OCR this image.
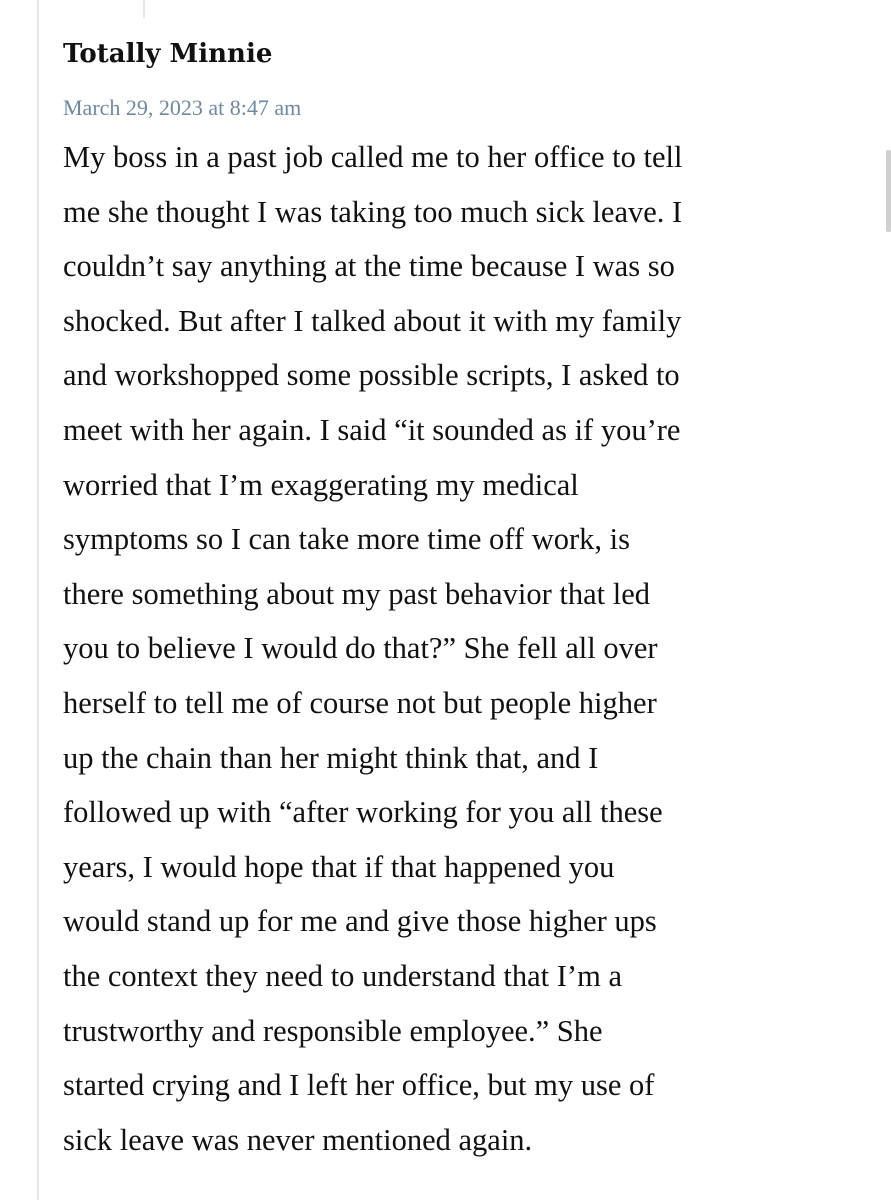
Totally Minnie
March 29, 2023 at 8:47 am
My boss in a past job called me to her office to tell
me she thought I was taking too much sick leave. I
couldn’t say anything at the time because I was so
shocked. But after I talked about it with my family
and workshopped some possible scripts, I asked to
meet with her again. I said “it sounded as if you’re
worried that I’m exaggerating my medical
symptoms so I can take more time off work, is
there something about my past behavior that led
you to believe I would do that?” She fell all over
herself to tell me of course not but people higher
up the chain than her might think that, and I
followed up with “after working for you all these
years, I would hope that if that happened you
would stand up for me and give those higher ups
the context they need to understand that I’m a
trustworthy and responsible employee.” She
started crying and I left her office, but my use of
sick leave was never mentioned again.
